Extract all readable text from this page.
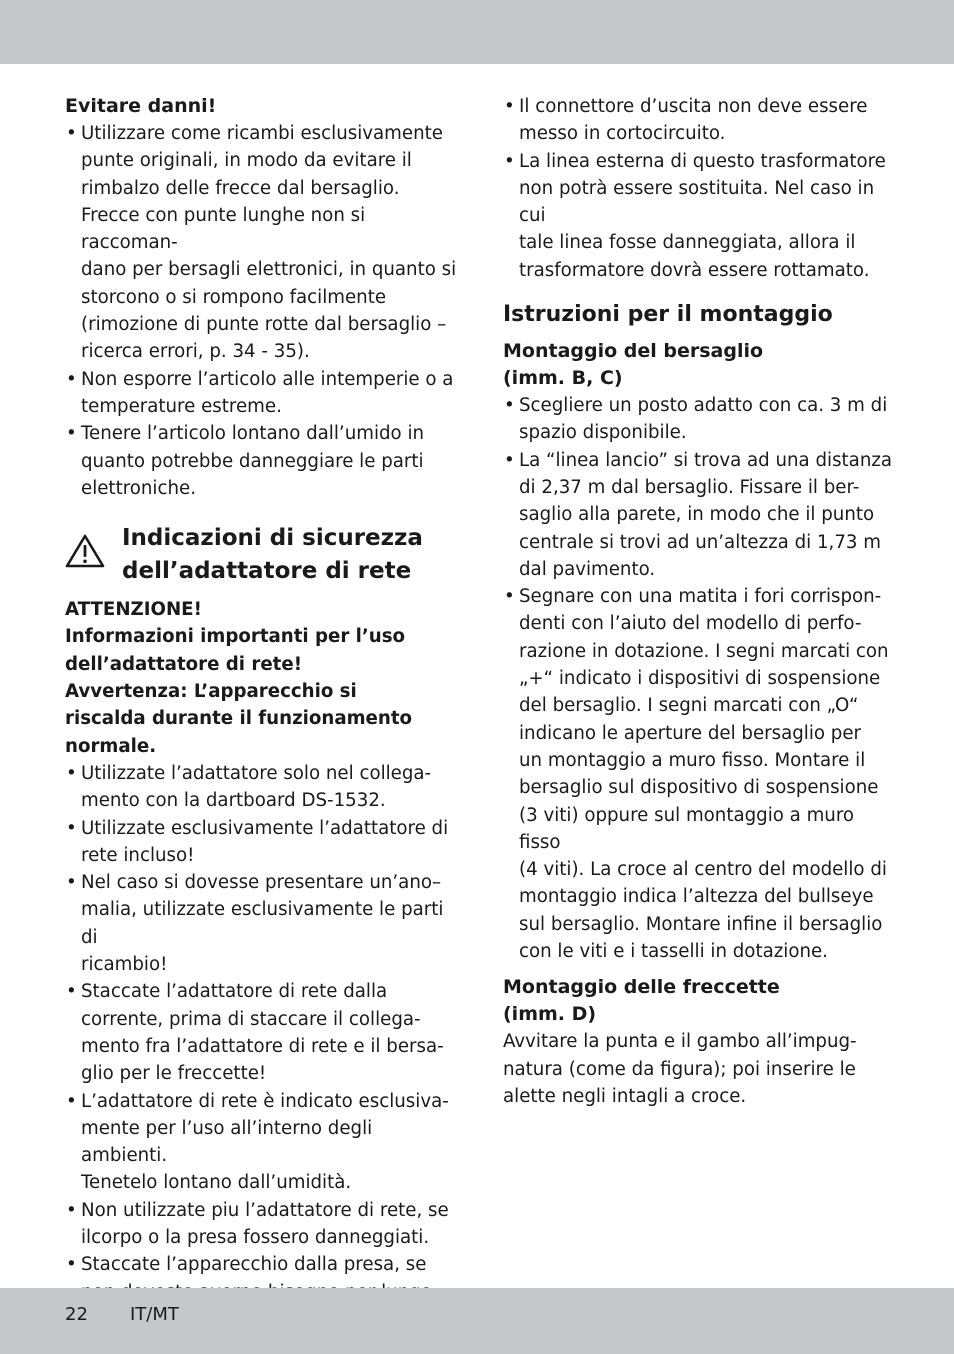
Evitare danni!
• Utilizzare come ricambi esclusivamente
punte originali, in modo da evitare il
rimbalzo delle frecce dal bersaglio.
Frecce con punte lunghe non si raccoman-
dano per bersagli elettronici, in quanto si
storcono o si rompono facilmente
(rimozione di punte rotte dal bersaglio –
ricerca errori, p. 34 - 35).
• Non esporre l’articolo alle intemperie o a
temperature estreme.
• Tenere l’articolo lontano dall’umido in
quanto potrebbe danneggiare le parti
elettroniche.
Indicazioni di sicurezza
dell’adattatore di rete
ATTENZIONE!
Informazioni importanti per l’uso
dell’adattatore di rete!
Avvertenza: L’apparecchio si
riscalda durante il funzionamento
normale.
• Utilizzate l’adattatore solo nel collega-
mento con la dartboard DS-1532.
• Utilizzate esclusivamente l’adattatore di
rete incluso!
• Nel caso si dovesse presentare un’ano–
malia, utilizzate esclusivamente le parti di
ricambio!
• Staccate l’adattatore di rete dalla
corrente, prima di staccare il collega-
mento fra l’adattatore di rete e il bersa-
glio per le freccette!
• L’adattatore di rete è indicato esclusiva-
mente per l’uso all’interno degli ambienti.
Tenetelo lontano dall’umidità.
• Non utilizzate piu l’adattatore di rete, se
ilcorpo o la presa fossero danneggiati.
• Staccate l’apparecchio dalla presa, se

• Il connettore d’uscita non deve essere
messo in cortocircuito.
• La linea esterna di questo trasformatore
non potrà essere sostituita. Nel caso in cui
tale linea fosse danneggiata, allora il
trasformatore dovrà essere rottamato.
Istruzioni per il montaggio
Montaggio del bersaglio
(imm. B, C)
• Scegliere un posto adatto con ca. 3 m di
spazio disponibile.
• La “linea lancio” si trova ad una distanza
di 2,37 m dal bersaglio. Fissare il ber-
saglio alla parete, in modo che il punto
centrale si trovi ad un’altezza di 1,73 m
dal pavimento.
• Segnare con una matita i fori corrispon-
denti con l’aiuto del modello di perfo-
razione in dotazione. I segni marcati con
„+“ indicato i dispositivi di sospensione
del bersaglio. I segni marcati con „O“
indicano le aperture del bersaglio per
un montaggio a muro fisso. Montare il
bersaglio sul dispositivo di sospensione
(3 viti) oppure sul montaggio a muro fisso
(4 viti). La croce al centro del modello di
montaggio indica l’altezza del bullseye
sul bersaglio. Montare infine il bersaglio
con le viti e i tasselli in dotazione.
Montaggio delle freccette
(imm. D)

Avvitare la punta e il gambo all’impug-
natura (come da figura); poi inserire le
alette negli intagli a croce.

22 IT/MT
